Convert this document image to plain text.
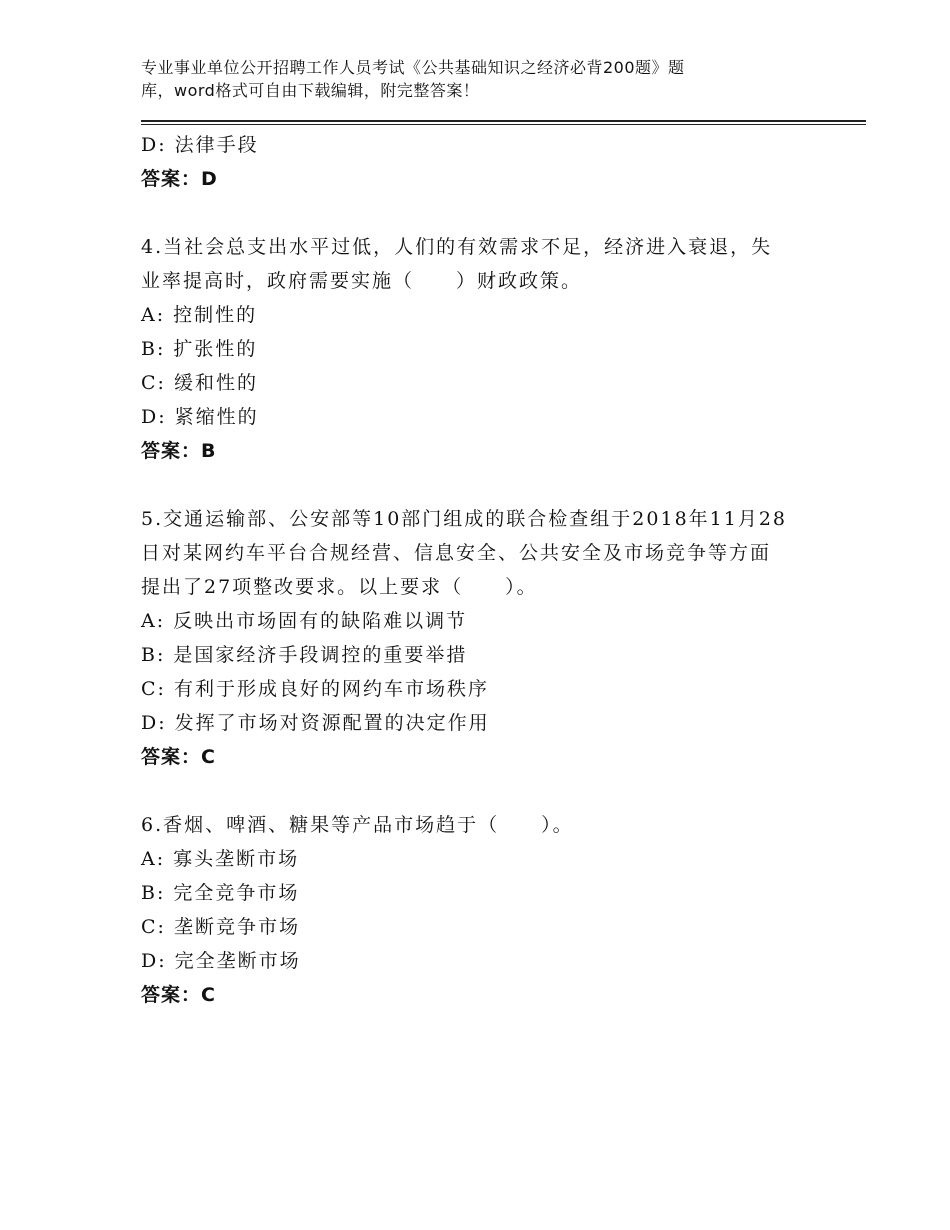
专业事业单位公开招聘工作人员考试《公共基础知识之经济必背200题》题
库，word格式可自由下载编辑，附完整答案！
D: 法律手段
答案：D
4.当社会总支出水平过低，人们的有效需求不足，经济进入衰退，失
业率提高时，政府需要实施（　　）财政政策。
A: 控制性的
B: 扩张性的
C: 缓和性的
D: 紧缩性的
答案：B
5.交通运输部、公安部等10部门组成的联合检查组于2018年11月28
日对某网约车平台合规经营、信息安全、公共安全及市场竞争等方面
提出了27项整改要求。以上要求（　　）。
A: 反映出市场固有的缺陷难以调节
B: 是国家经济手段调控的重要举措
C: 有利于形成良好的网约车市场秩序
D: 发挥了市场对资源配置的决定作用
答案：C
6.香烟、啤酒、糖果等产品市场趋于（　　）。
A: 寡头垄断市场
B: 完全竞争市场
C: 垄断竞争市场
D: 完全垄断市场
答案：C
